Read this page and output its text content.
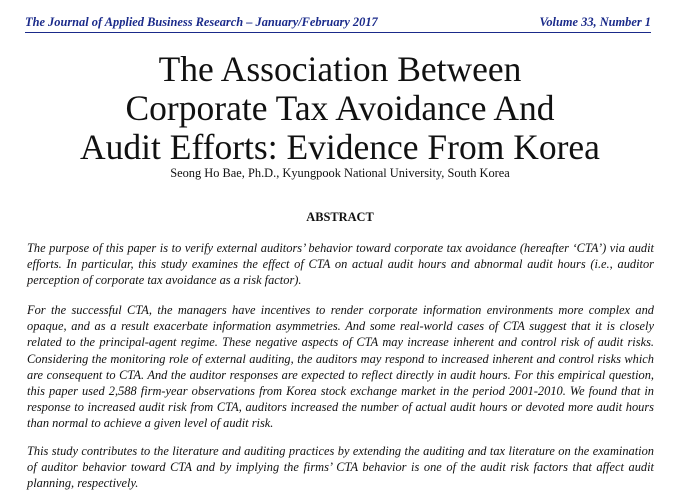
The Journal of Applied Business Research – January/February 2017	Volume 33, Number 1
The Association Between
Corporate Tax Avoidance And
Audit Efforts: Evidence From Korea
Seong Ho Bae, Ph.D., Kyungpook National University, South Korea
ABSTRACT

The purpose of this paper is to verify external auditors’ behavior toward corporate tax avoidance (hereafter ‘CTA’) via audit efforts. In particular, this study examines the effect of CTA on actual audit hours and abnormal audit hours (i.e., auditor perception of corporate tax avoidance as a risk factor).

For the successful CTA, the managers have incentives to render corporate information environments more complex and opaque, and as a result exacerbate information asymmetries. And some real-world cases of CTA suggest that it is closely related to the principal-agent regime. These negative aspects of CTA may increase inherent and control risk of audit risks. Considering the monitoring role of external auditing, the auditors may respond to increased inherent and control risks which are consequent to CTA. And the auditor responses are expected to reflect directly in audit hours. For this empirical question, this paper used 2,588 firm-year observations from Korea stock exchange market in the period 2001-2010. We found that in response to increased audit risk from CTA, auditors increased the number of actual audit hours or devoted more audit hours than normal to achieve a given level of audit risk.

This study contributes to the literature and auditing practices by extending the auditing and tax literature on the examination of auditor behavior toward CTA and by implying the firms’ CTA behavior is one of the audit risk factors that affect audit planning, respectively.
